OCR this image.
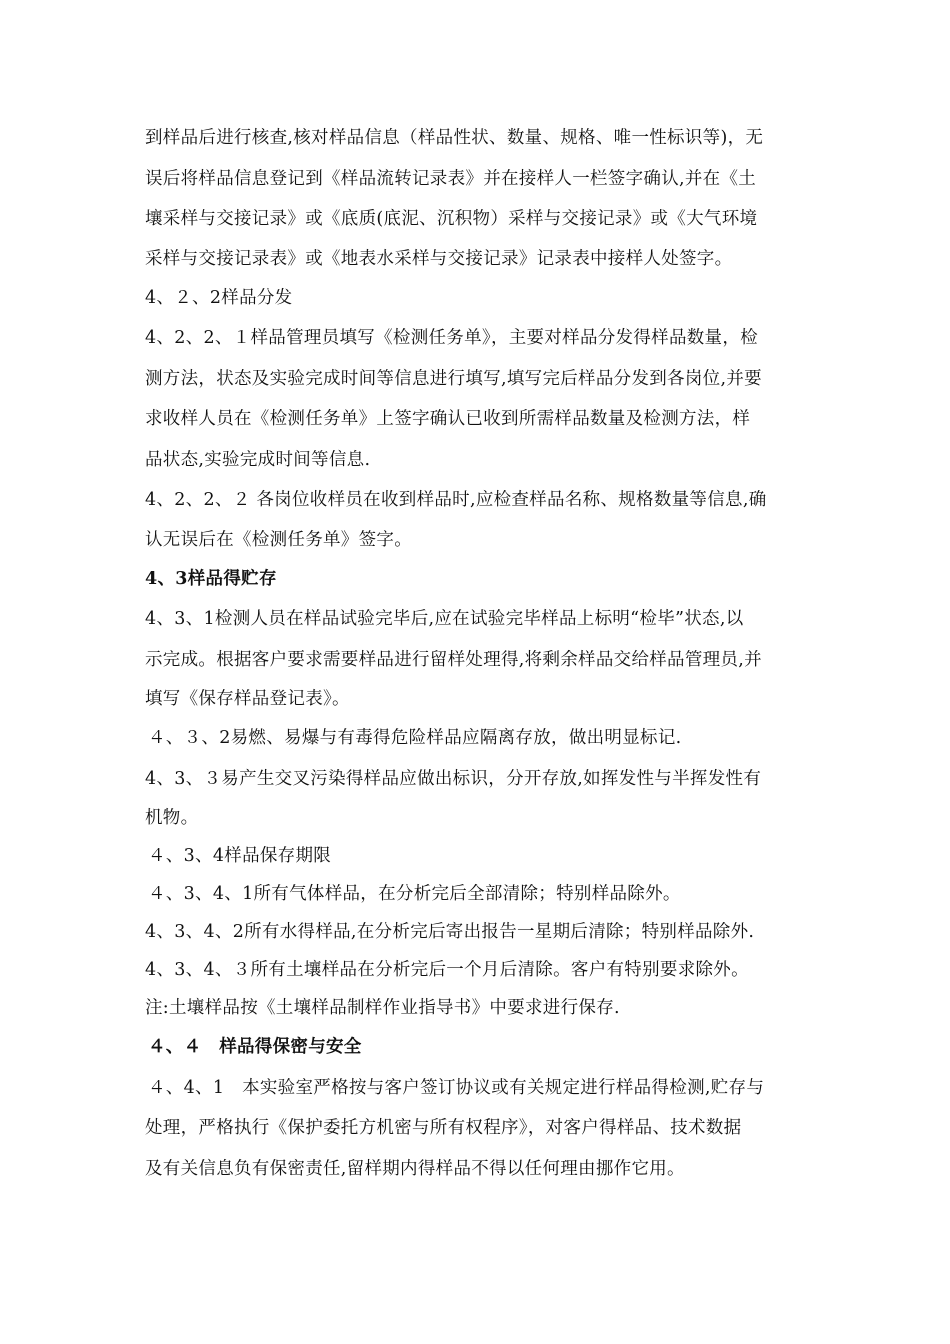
到样品后进行核查,核对样品信息（样品性状、数量、规格、唯一性标识等)，无
误后将样品信息登记到《样品流转记录表》并在接样人一栏签字确认,并在《土
壤采样与交接记录》或《底质(底泥、沉积物）采样与交接记录》或《大气环境
采样与交接记录表》或《地表水采样与交接记录》记录表中接样人处签字。
4、２、2样品分发
4、2、2、１样品管理员填写《检测任务单》，主要对样品分发得样品数量，检
测方法，状态及实验完成时间等信息进行填写,填写完后样品分发到各岗位,并要
求收样人员在《检测任务单》上签字确认已收到所需样品数量及检测方法，样
品状态,实验完成时间等信息.
4、2、2、２ 各岗位收样员在收到样品时,应检查样品名称、规格数量等信息,确
认无误后在《检测任务单》签字。
4、3样品得贮存
4、3、1检测人员在样品试验完毕后,应在试验完毕样品上标明“检毕”状态,以
示完成。根据客户要求需要样品进行留样处理得,将剩余样品交给样品管理员,并
填写《保存样品登记表》。
４、３、2易燃、易爆与有毒得危险样品应隔离存放，做出明显标记.
4、3、３易产生交叉污染得样品应做出标识，分开存放,如挥发性与半挥发性有
机物。
４、3、4样品保存期限
４、3、4、1所有气体样品，在分析完后全部清除；特别样品除外。
4、3、4、2所有水得样品,在分析完后寄出报告一星期后清除；特别样品除外.
4、3、4、３所有土壤样品在分析完后一个月后清除。客户有特别要求除外。
注:土壤样品按《土壤样品制样作业指导书》中要求进行保存.
４、４　样品得保密与安全
４、4、1　本实验室严格按与客户签订协议或有关规定进行样品得检测,贮存与
处理，严格执行《保护委托方机密与所有权程序》，对客户得样品、技术数据
及有关信息负有保密责任,留样期内得样品不得以任何理由挪作它用。
